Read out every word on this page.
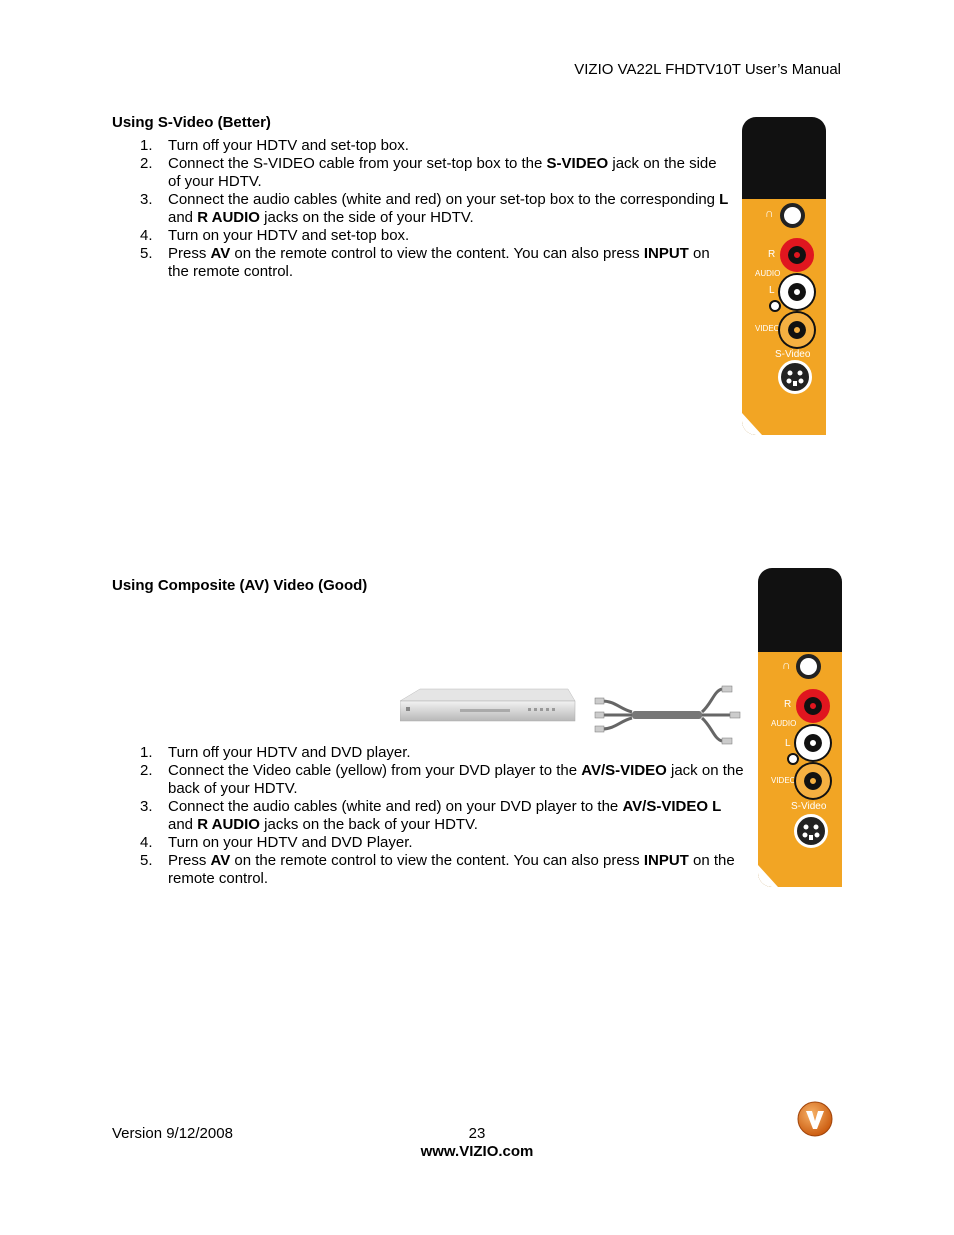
VIZIO VA22L FHDTV10T User’s Manual
Using S-Video (Better)
1.	Turn off your HDTV and set-top box.
2.	Connect the S-VIDEO cable from your set-top box to the S-VIDEO jack on the side of your HDTV.
3.	Connect the audio cables (white and red) on your set-top box to the corresponding L and R AUDIO jacks on the side of your HDTV.
4.	Turn on your HDTV and set-top box.
5.	Press AV on the remote control to view the content. You can also press INPUT on the remote control.
∩
R
AUDIO
L
VIDEO
S-Video
Using Composite (AV) Video (Good)
1.	Turn off your HDTV and DVD player.
2.	Connect the Video cable (yellow) from your DVD player to the AV/S-VIDEO jack on the back of your HDTV.
3.	Connect the audio cables (white and red) on your DVD player to the AV/S-VIDEO L and R AUDIO jacks on the back of your HDTV.
4.	Turn on your HDTV and DVD Player.
5.	Press AV on the remote control to view the content. You can also press INPUT on the remote control.
∩
R
AUDIO
L
VIDEO
S-Video
Version 9/12/2008	23
www.VIZIO.com
